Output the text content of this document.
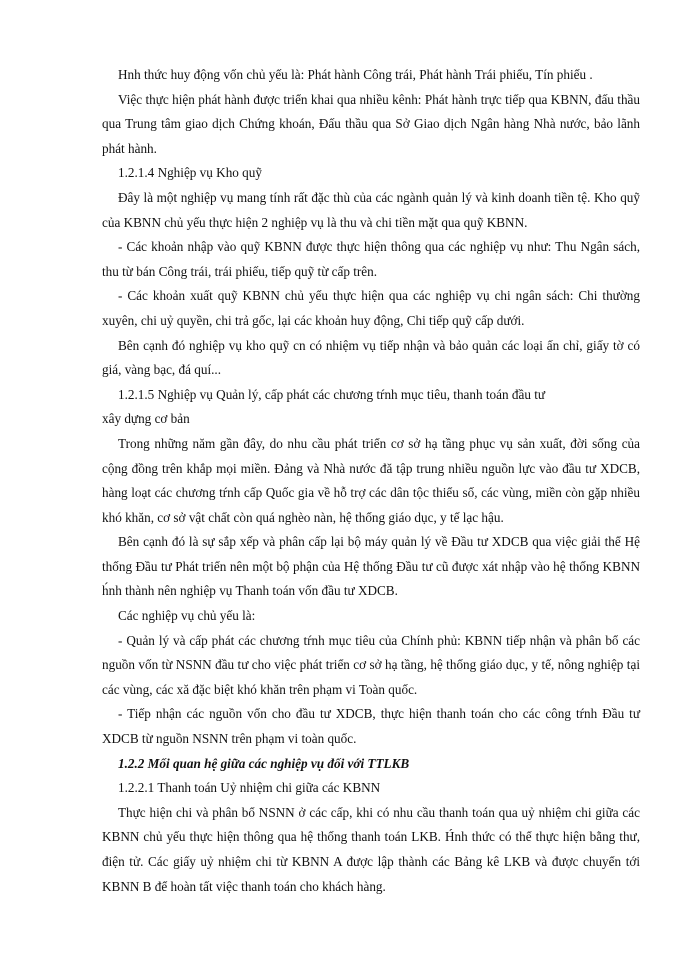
Hnh thức huy động vốn chủ yếu là: Phát hành Công trái, Phát hành Trái phiếu, Tín phiếu .

Việc thực hiện phát hành được triển khai qua nhiều kênh: Phát hành trực tiếp qua KBNN, đấu thầu qua Trung tâm giao dịch Chứng khoán, Đấu thầu qua Sở Giao dịch Ngân hàng Nhà nước, bảo lãnh phát hành.

1.2.1.4 Nghiệp vụ Kho quỹ

Đây là một nghiệp vụ mang tính rất đặc thù của các ngành quản lý và kinh doanh tiền tệ. Kho quỹ của KBNN chủ yếu thực hiện 2 nghiệp vụ là thu và chi tiền mặt qua quỹ KBNN.

- Các khoản nhập vào quỹ KBNN được thực hiện thông qua các nghiệp vụ như: Thu Ngân sách, thu từ bán Công trái, trái phiếu, tiếp quỹ từ cấp trên.

- Các khoản xuất quỹ KBNN chủ yếu thực hiện qua các nghiệp vụ chi ngân sách: Chi thường xuyên, chi uỷ quyền, chi trả gốc, lại các khoản huy động, Chi tiếp quỹ cấp dưới.

Bên cạnh đó nghiệp vụ kho quỹ cn có nhiệm vụ tiếp nhận và bảo quản các loại ấn chỉ, giấy tờ có giá, vàng bạc, đá quí...

1.2.1.5 Nghiệp vụ Quản lý, cấp phát các chương tŕnh mục tiêu, thanh toán đầu tư

xây dựng cơ bản

Trong những năm gần đây, do nhu cầu phát triển cơ sở hạ tầng phục vụ sản xuất, đời sống của cộng đồng trên khắp mọi miền. Đảng và Nhà nước đă tập trung nhiều nguồn lực vào đầu tư XDCB, hàng loạt các chương tŕnh cấp Quốc gia về hỗ trợ các dân tộc thiểu số, các vùng, miền còn gặp nhiều khó khăn, cơ sở vật chất còn quá nghèo nàn, hệ thống giáo dục, y tế lạc hậu.

Bên cạnh đó là sự sắp xếp và phân cấp lại bộ máy quản lý về Đầu tư XDCB qua việc giải thể Hệ thống Đầu tư Phát triển nên một bộ phận của Hệ thống Đầu tư cũ được xát nhập vào hệ thống KBNN h́nh thành nên nghiệp vụ Thanh toán vốn đầu tư XDCB.

Các nghiệp vụ chủ yếu là:

- Quản lý và cấp phát các chương tŕnh mục tiêu của Chính phủ: KBNN tiếp nhận và phân bổ các nguồn vốn từ NSNN đầu tư cho việc phát triển cơ sở hạ tầng, hệ thống giáo dục, y tế, nông nghiệp tại các vùng, các xă đặc biệt khó khăn trên phạm vi Toàn quốc.

- Tiếp nhận các nguồn vốn cho đầu tư XDCB, thực hiện thanh toán cho các công tŕnh Đầu tư XDCB từ nguồn NSNN trên phạm vi toàn quốc.

1.2.2 Mối quan hệ giữa các nghiệp vụ đối với TTLKB

1.2.2.1 Thanh toán Uỷ nhiệm chi giữa các KBNN

Thực hiện chi và phân bổ NSNN ở các cấp, khi có nhu cầu thanh toán qua uỷ nhiệm chi giữa các KBNN chủ yếu thực hiện thông qua hệ thống thanh toán LKB. H́nh thức có thể thực hiện bằng thư, điện tử. Các giấy uỷ nhiệm chi từ KBNN A được lập thành các Bảng kê LKB và được chuyển tới KBNN B để hoàn tất việc thanh toán cho khách hàng.
